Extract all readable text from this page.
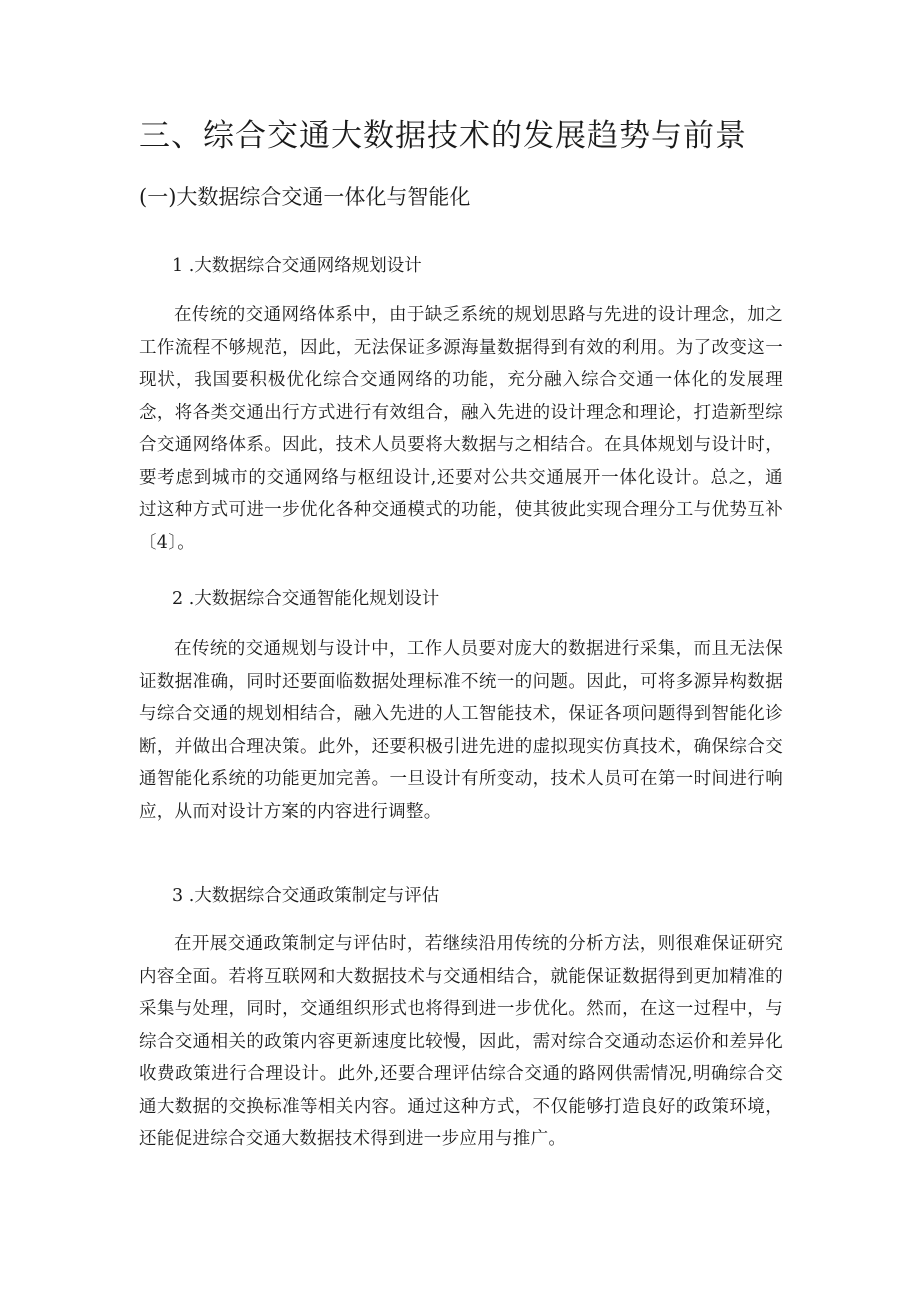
三、综合交通大数据技术的发展趋势与前景
(一)大数据综合交通一体化与智能化
1 .大数据综合交通网络规划设计

在传统的交通网络体系中，由于缺乏系统的规划思路与先进的设计理念，加之工作流程不够规范，因此，无法保证多源海量数据得到有效的利用。为了改变这一现状，我国要积极优化综合交通网络的功能，充分融入综合交通一体化的发展理念，将各类交通出行方式进行有效组合，融入先进的设计理念和理论，打造新型综合交通网络体系。因此，技术人员要将大数据与之相结合。在具体规划与设计时，要考虑到城市的交通网络与枢纽设计,还要对公共交通展开一体化设计。总之，通过这种方式可进一步优化各种交通模式的功能，使其彼此实现合理分工与优势互补〔4〕。

2 .大数据综合交通智能化规划设计

在传统的交通规划与设计中，工作人员要对庞大的数据进行采集，而且无法保证数据准确，同时还要面临数据处理标准不统一的问题。因此，可将多源异构数据与综合交通的规划相结合，融入先进的人工智能技术，保证各项问题得到智能化诊断，并做出合理决策。此外，还要积极引进先进的虚拟现实仿真技术，确保综合交通智能化系统的功能更加完善。一旦设计有所变动，技术人员可在第一时间进行响应，从而对设计方案的内容进行调整。

3 .大数据综合交通政策制定与评估

在开展交通政策制定与评估时，若继续沿用传统的分析方法，则很难保证研究内容全面。若将互联网和大数据技术与交通相结合，就能保证数据得到更加精准的采集与处理，同时，交通组织形式也将得到进一步优化。然而，在这一过程中，与综合交通相关的政策内容更新速度比较慢，因此，需对综合交通动态运价和差异化收费政策进行合理设计。此外,还要合理评估综合交通的路网供需情况,明确综合交通大数据的交换标准等相关内容。通过这种方式，不仅能够打造良好的政策环境，还能促进综合交通大数据技术得到进一步应用与推广。
